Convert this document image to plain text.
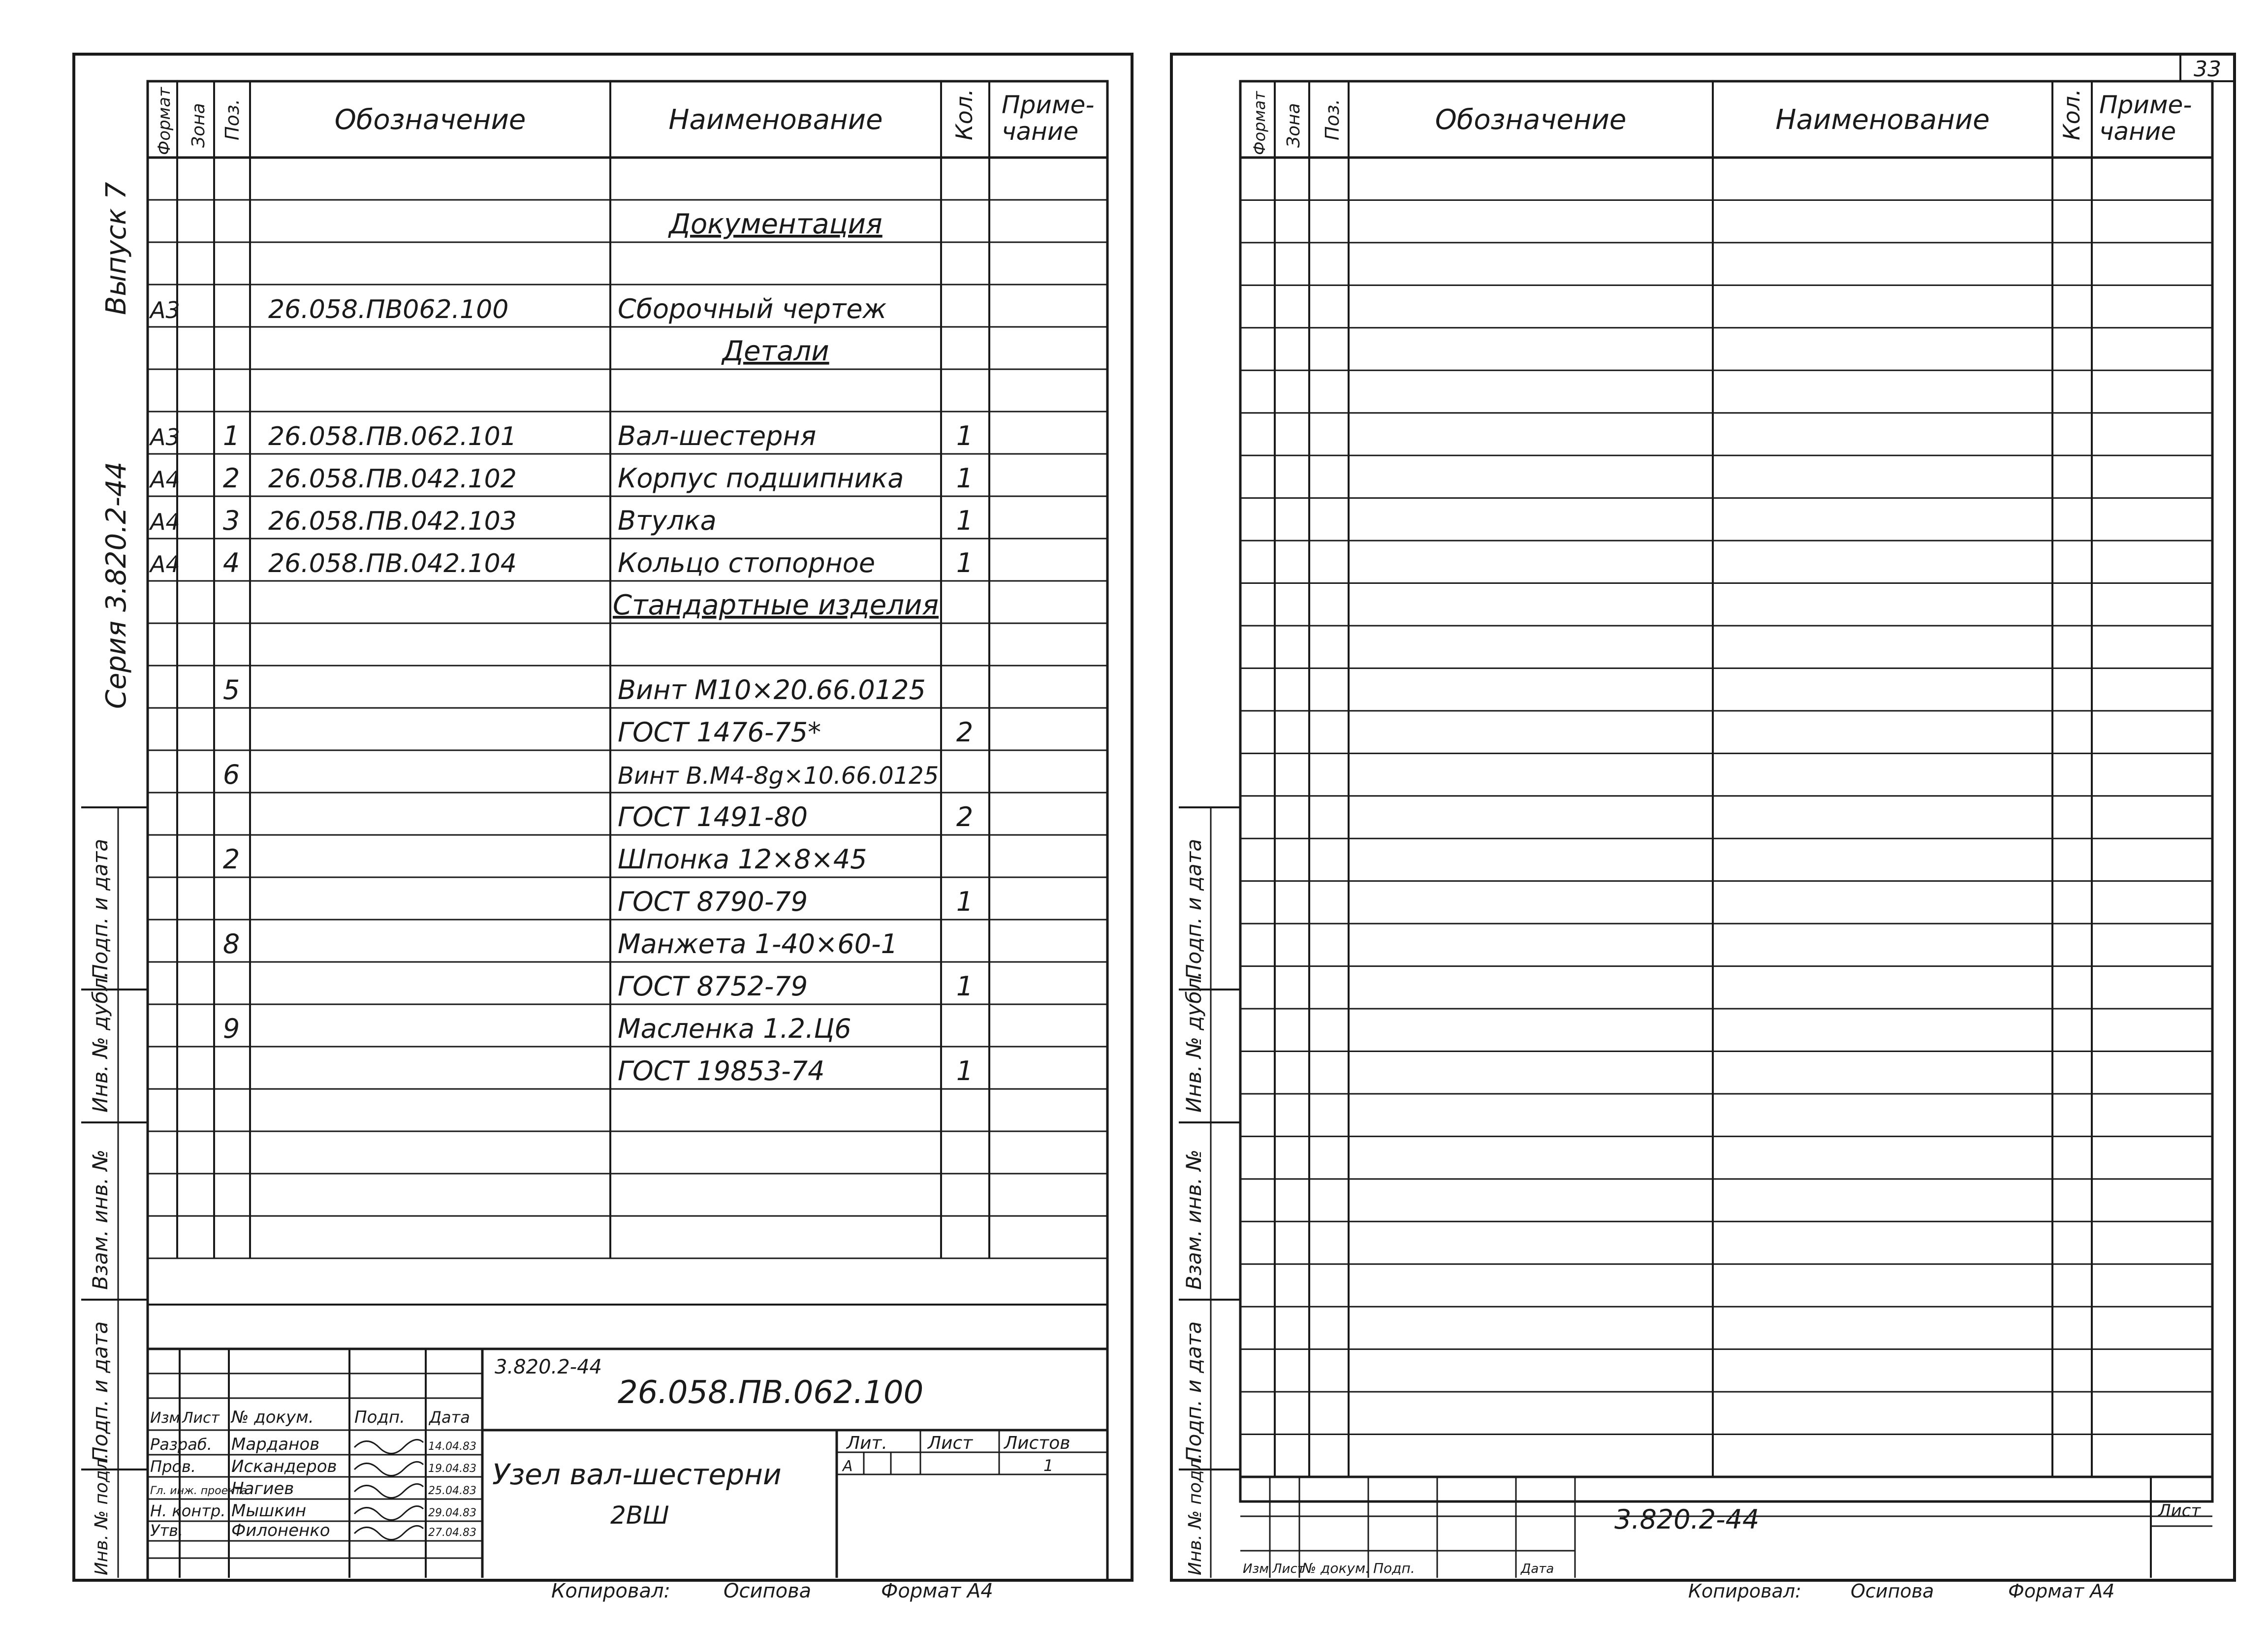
Формат Зона Поз.	Обозначение	Наименование	Кол. Приме-
чание
Документация
А3	26.058.ПВ062.100	Сборочный чертеж
Детали
А3 1 26.058.ПВ.062.101	Вал-шестерня	1
А4 2 26.058.ПВ.042.102	Корпус подшипника 1
А4 3 26.058.ПВ.042.103	Втулка	1
А4 4 26.058.ПВ.042.104	Кольцо стопорное	1
Стандартные изделия
5	Винт М10×20.66.0125
ГОСТ 1476-75*	2
6	Винт В.М4-8g×10.66.0125
ГОСТ 1491-80	2
2	Шпонка 12×8×45
ГОСТ 8790-79	1
8	Манжета 1-40×60-1
ГОСТ 8752-79	1
9	Масленка 1.2.Ц6
ГОСТ 19853-74	1
3.820.2-44
26.058.ПВ.062.100
Изм Лист № докум. Подп. Дата
Разраб. Марданов	14.04.83
Пров. Искандеров	19.04.83
Гл. инж. проекта
Нагиев	25.04.83
Н. контр. Мышкин	29.04.83
Утв.	Филоненко	27.04.83
Узел вал-шестерни
2ВШ
Лит. Лист Листов
А	1
Копировал:	Осипова	Формат А4
Выпуск 7
Серия 3.820.2-44
Подп. и дата
Инв. № дубл.
Взам. инв. №
Подп. и дата
Инв. № подл.
Формат Зона Поз.	Обозначение	Наименование	Кол. Приме-
чание
33
3.820.2-44	Лист
Изм Лист
№ докум. Подп.	Дата
Копировал:	Осипова	Формат А4
Подп. и дата
Инв. № дубл.
Взам. инв. №
Подп. и дата
Инв. № подл.
